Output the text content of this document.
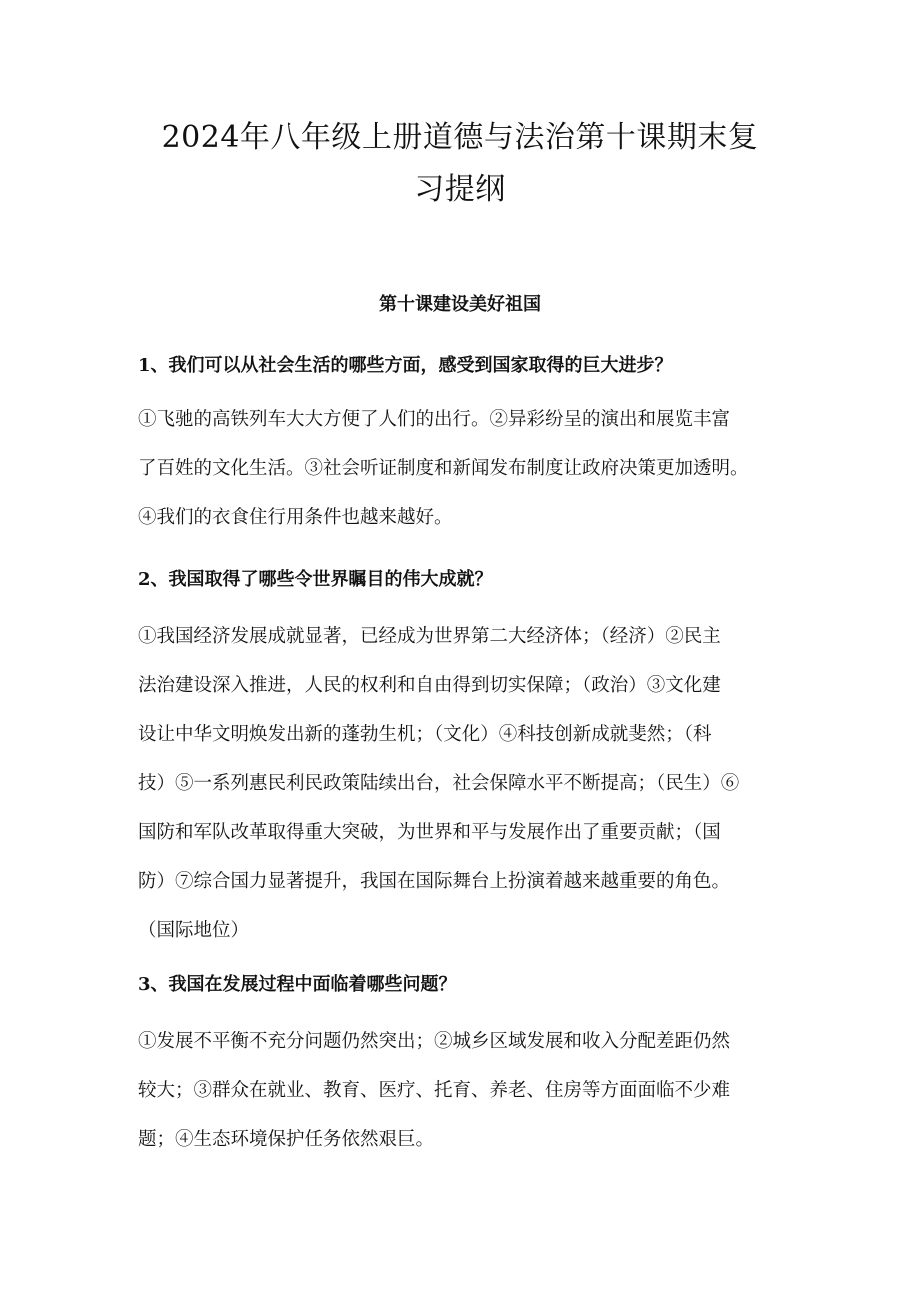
2024年八年级上册道德与法治第十课期末复
习提纲
第十课建设美好祖国
1、我们可以从社会生活的哪些方面，感受到国家取得的巨大进步？
①飞驰的高铁列车大大方便了人们的出行。②异彩纷呈的演出和展览丰富
了百姓的文化生活。③社会听证制度和新闻发布制度让政府决策更加透明。
④我们的衣食住行用条件也越来越好。
2、我国取得了哪些令世界瞩目的伟大成就？
①我国经济发展成就显著，已经成为世界第二大经济体；（经济）②民主
法治建设深入推进，人民的权利和自由得到切实保障；（政治）③文化建
设让中华文明焕发出新的蓬勃生机；（文化）④科技创新成就斐然；（科
技）⑤一系列惠民利民政策陆续出台，社会保障水平不断提高；（民生）⑥
国防和军队改革取得重大突破，为世界和平与发展作出了重要贡献；（国
防）⑦综合国力显著提升，我国在国际舞台上扮演着越来越重要的角色。
（国际地位）
3、我国在发展过程中面临着哪些问题？
①发展不平衡不充分问题仍然突出；②城乡区域发展和收入分配差距仍然
较大；③群众在就业、教育、医疗、托育、养老、住房等方面面临不少难
题；④生态环境保护任务依然艰巨。
